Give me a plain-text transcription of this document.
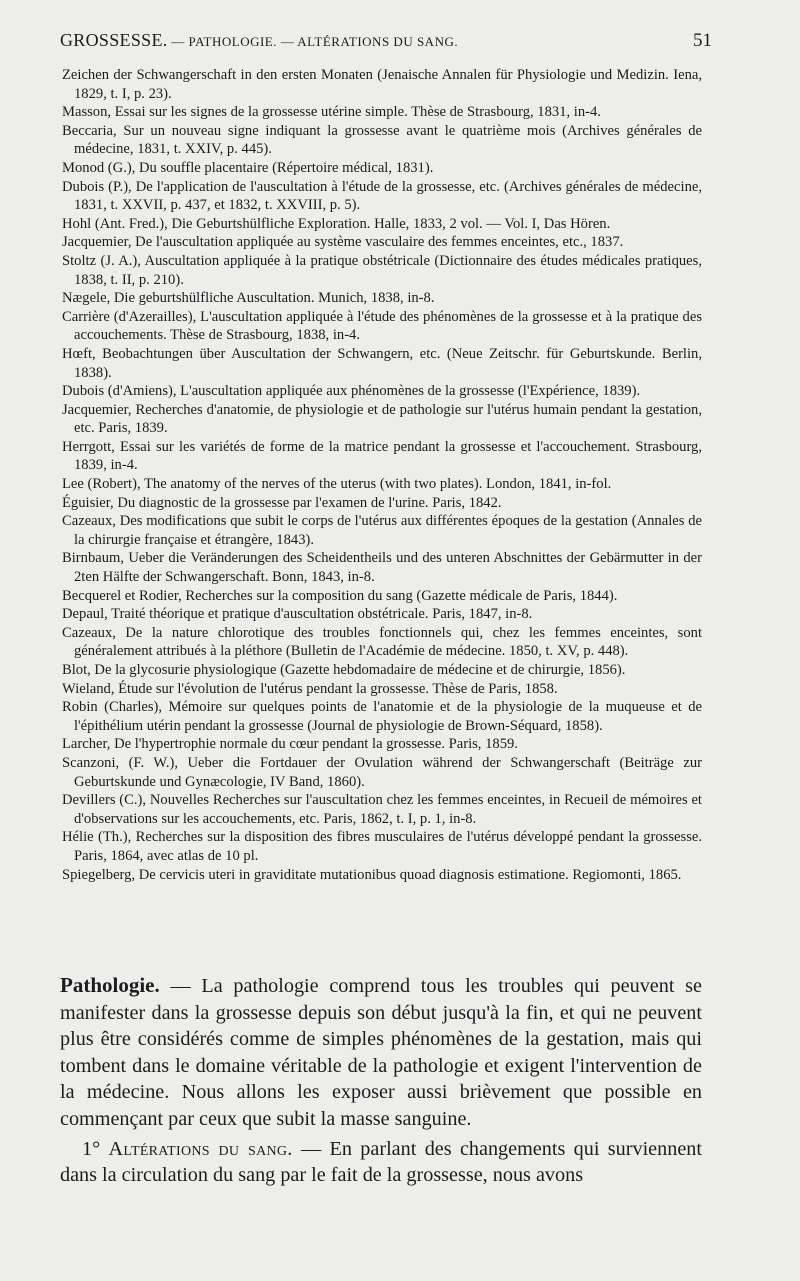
GROSSESSE. — PATHOLOGIE. — ALTÉRATIONS DU SANG.	51

Zeichen der Schwangerschaft in den ersten Monaten (Jenaische Annalen für Physiologie und Medizin. Iena, 1829, t. I, p. 23).

Masson, Essai sur les signes de la grossesse utérine simple. Thèse de Strasbourg, 1831, in-4.

Beccaria, Sur un nouveau signe indiquant la grossesse avant le quatrième mois (Archives générales de médecine, 1831, t. XXIV, p. 445).

Monod (G.), Du souffle placentaire (Répertoire médical, 1831).

Dubois (P.), De l'application de l'auscultation à l'étude de la grossesse, etc. (Archives générales de médecine, 1831, t. XXVII, p. 437, et 1832, t. XXVIII, p. 5).

Hohl (Ant. Fred.), Die Geburtshülfliche Exploration. Halle, 1833, 2 vol. — Vol. I, Das Hören.

Jacquemier, De l'auscultation appliquée au système vasculaire des femmes enceintes, etc., 1837.

Stoltz (J. A.), Auscultation appliquée à la pratique obstétricale (Dictionnaire des études médicales pratiques, 1838, t. II, p. 210).

Nægele, Die geburtshülfliche Auscultation. Munich, 1838, in-8.

Carrière (d'Azerailles), L'auscultation appliquée à l'étude des phénomènes de la grossesse et à la pratique des accouchements. Thèse de Strasbourg, 1838, in-4.

Hœft, Beobachtungen über Auscultation der Schwangern, etc. (Neue Zeitschr. für Geburtskunde. Berlin, 1838).

Dubois (d'Amiens), L'auscultation appliquée aux phénomènes de la grossesse (l'Expérience, 1839).

Jacquemier, Recherches d'anatomie, de physiologie et de pathologie sur l'utérus humain pendant la gestation, etc. Paris, 1839.

Herrgott, Essai sur les variétés de forme de la matrice pendant la grossesse et l'accouchement. Strasbourg, 1839, in-4.

Lee (Robert), The anatomy of the nerves of the uterus (with two plates). London, 1841, in-fol.

Éguisier, Du diagnostic de la grossesse par l'examen de l'urine. Paris, 1842.

Cazeaux, Des modifications que subit le corps de l'utérus aux différentes époques de la gestation (Annales de la chirurgie française et étrangère, 1843).

Birnbaum, Ueber die Veränderungen des Scheidentheils und des unteren Abschnittes der Gebärmutter in der 2ten Hälfte der Schwangerschaft. Bonn, 1843, in-8.

Becquerel et Rodier, Recherches sur la composition du sang (Gazette médicale de Paris, 1844).

Depaul, Traité théorique et pratique d'auscultation obstétricale. Paris, 1847, in-8.

Cazeaux, De la nature chlorotique des troubles fonctionnels qui, chez les femmes enceintes, sont généralement attribués à la pléthore (Bulletin de l'Académie de médecine. 1850, t. XV, p. 448).

Blot, De la glycosurie physiologique (Gazette hebdomadaire de médecine et de chirurgie, 1856).

Wieland, Étude sur l'évolution de l'utérus pendant la grossesse. Thèse de Paris, 1858.

Robin (Charles), Mémoire sur quelques points de l'anatomie et de la physiologie de la muqueuse et de l'épithélium utérin pendant la grossesse (Journal de physiologie de Brown-Séquard, 1858).

Larcher, De l'hypertrophie normale du cœur pendant la grossesse. Paris, 1859.

Scanzoni, (F. W.), Ueber die Fortdauer der Ovulation während der Schwangerschaft (Beiträge zur Geburtskunde und Gynæcologie, IV Band, 1860).

Devillers (C.), Nouvelles Recherches sur l'auscultation chez les femmes enceintes, in Recueil de mémoires et d'observations sur les accouchements, etc. Paris, 1862, t. I, p. 1, in-8.

Hélie (Th.), Recherches sur la disposition des fibres musculaires de l'utérus développé pendant la grossesse. Paris, 1864, avec atlas de 10 pl.

Spiegelberg, De cervicis uteri in graviditate mutationibus quoad diagnosis estimatione. Regiomonti, 1865.

Pathologie. — La pathologie comprend tous les troubles qui peuvent se manifester dans la grossesse depuis son début jusqu'à la fin, et qui ne peuvent plus être considérés comme de simples phénomènes de la gestation, mais qui tombent dans le domaine véritable de la pathologie et exigent l'intervention de la médecine. Nous allons les exposer aussi brièvement que possible en commençant par ceux que subit la masse sanguine.

1° Altérations du sang. — En parlant des changements qui surviennent dans la circulation du sang par le fait de la grossesse, nous avons
